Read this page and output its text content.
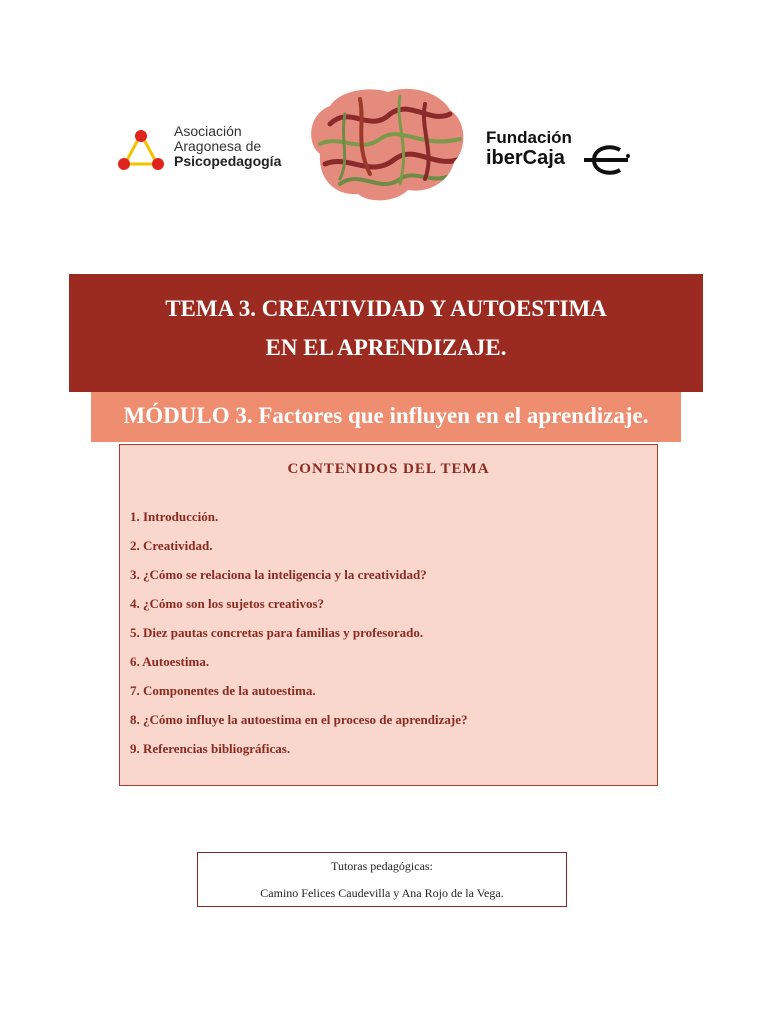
Asociación
Aragonesa de
Psicopedagogía
Fundación
iberCaja
TEMA 3. CREATIVIDAD Y AUTOESTIMA
EN EL APRENDIZAJE.
MÓDULO 3. Factores que influyen en el aprendizaje.
CONTENIDOS DEL TEMA
1. Introducción.
2. Creatividad.
3. ¿Cómo se relaciona la inteligencia y la creatividad?
4. ¿Cómo son los sujetos creativos?
5. Diez pautas concretas para familias y profesorado.
6. Autoestima.
7. Componentes de la autoestima.
8. ¿Cómo influye la autoestima en el proceso de aprendizaje?
9. Referencias bibliográficas.
Tutoras pedagógicas:
Camino Felices Caudevilla y Ana Rojo de la Vega.
